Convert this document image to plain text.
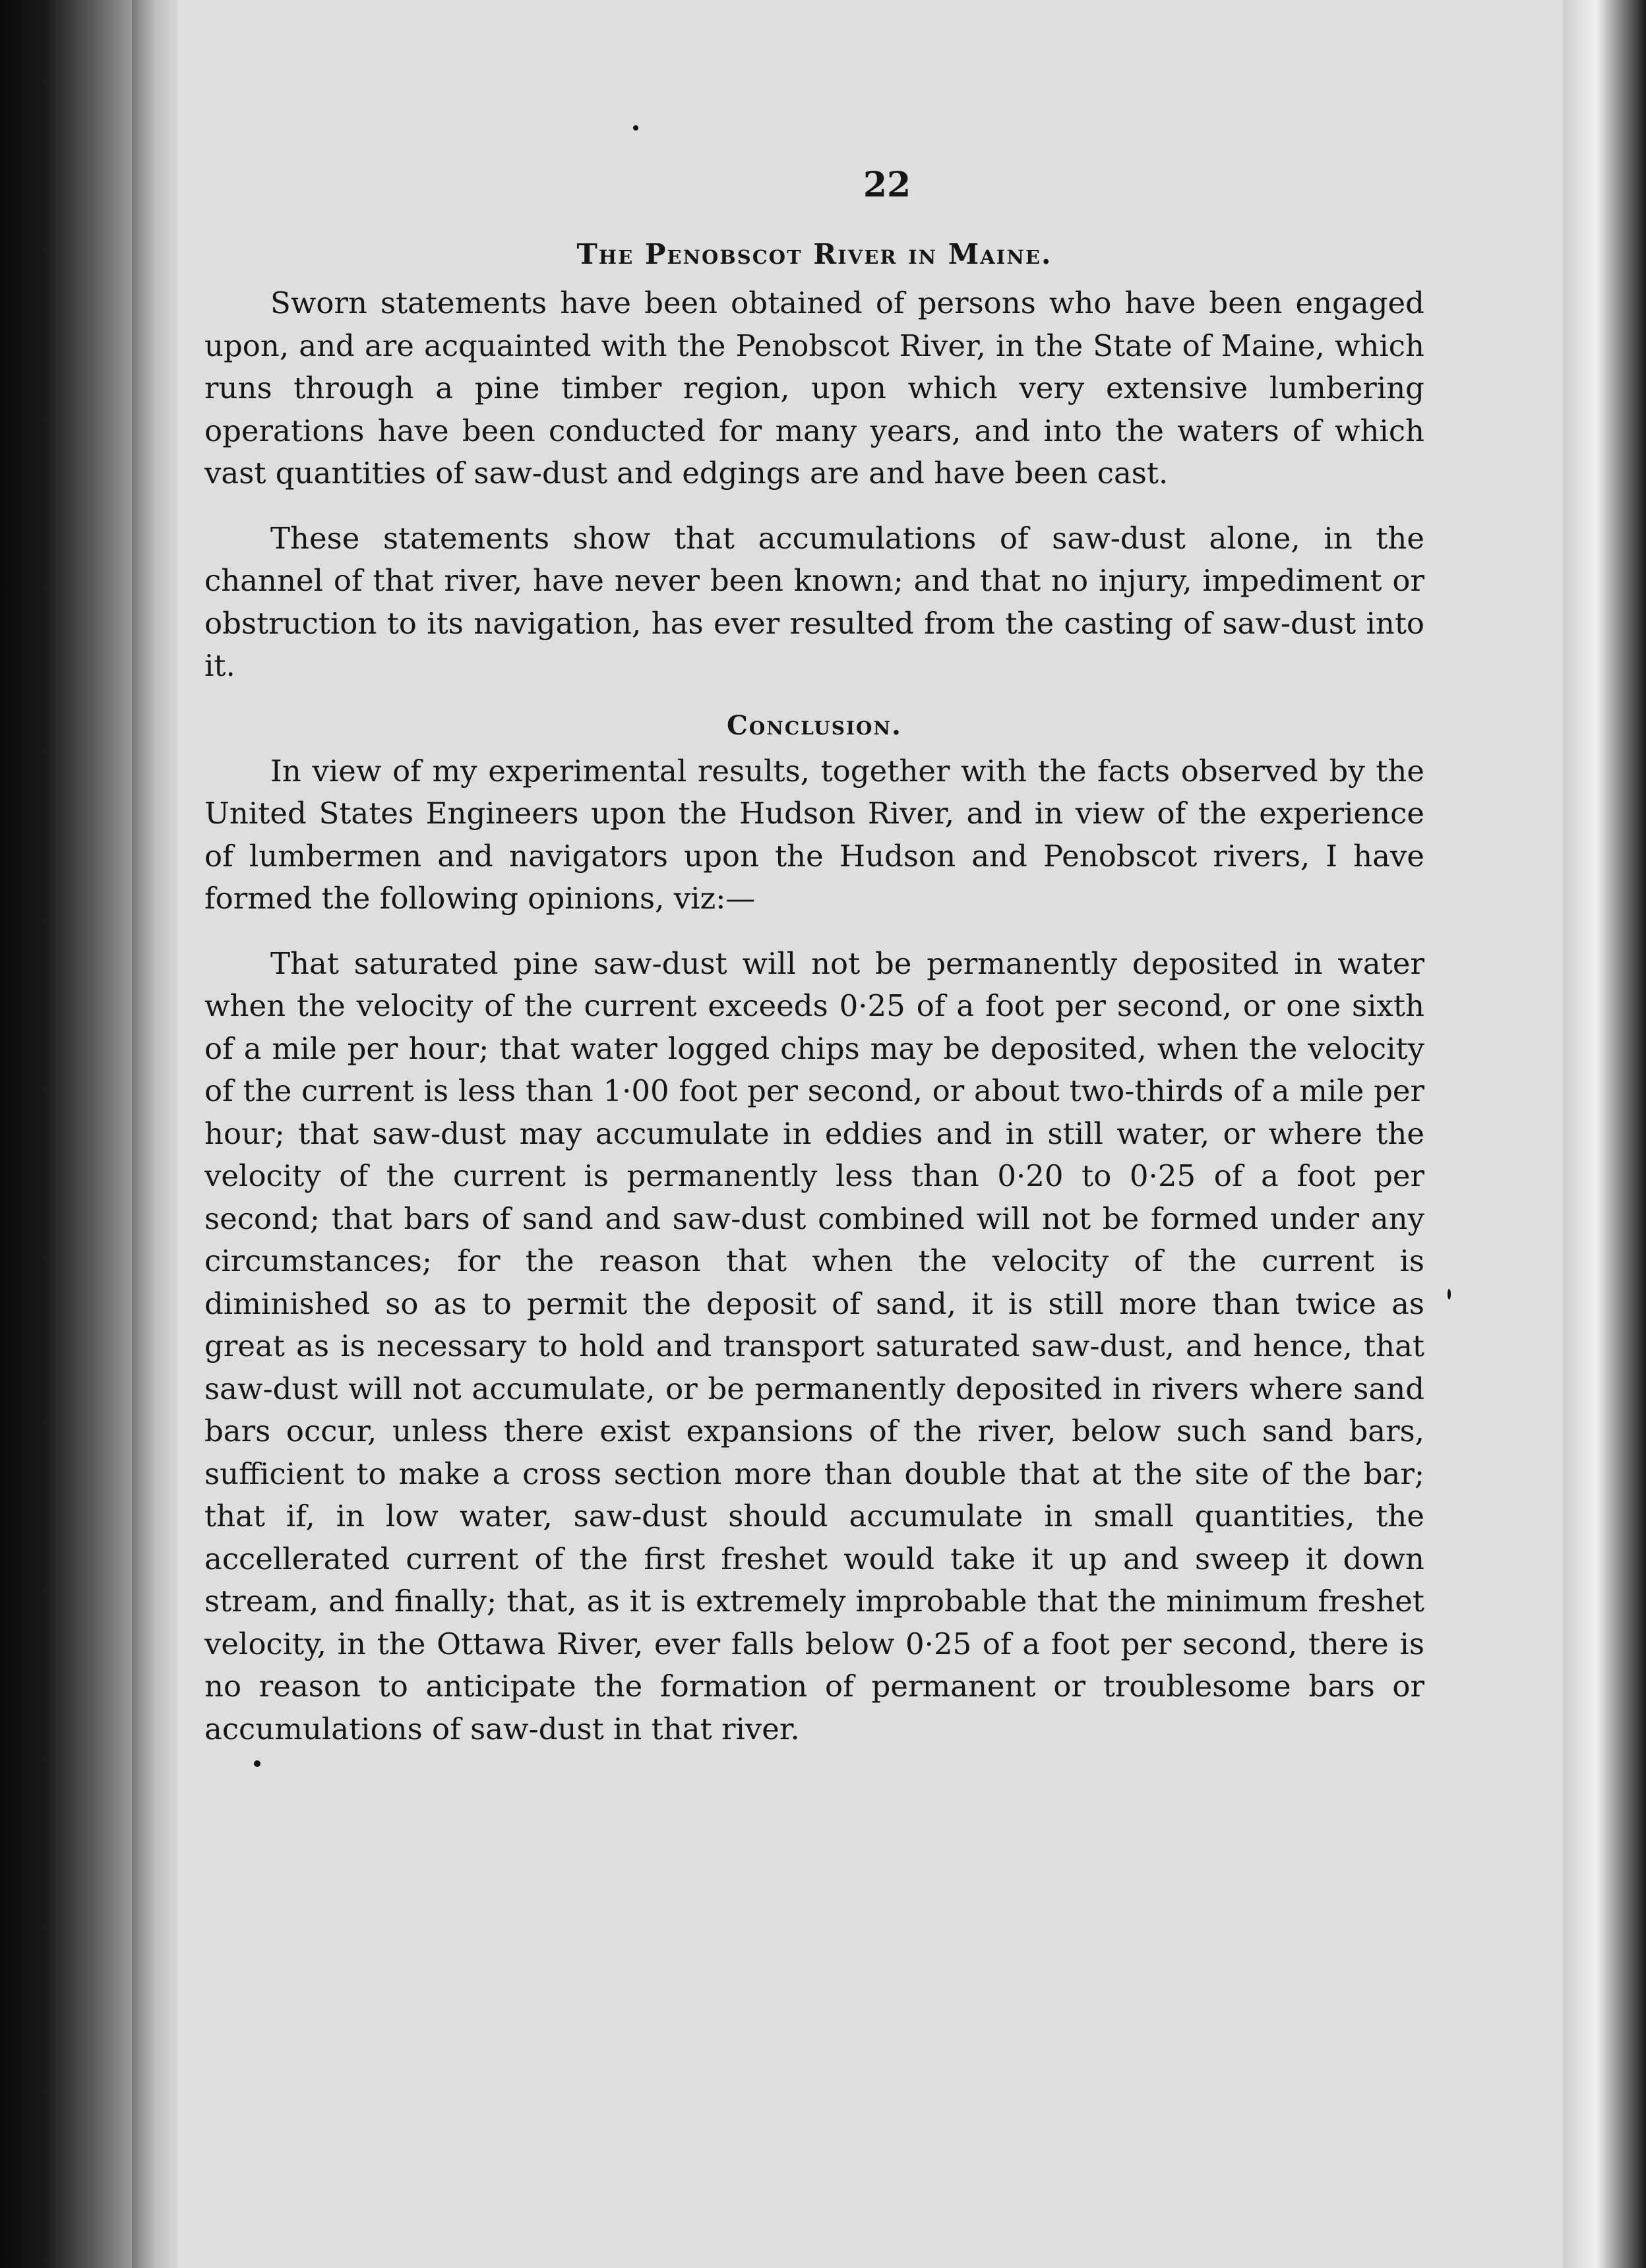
22
The Penobscot River in Maine.

Sworn statements have been obtained of persons who have been engaged upon, and are acquainted with the Penobscot River, in the State of Maine, which runs through a pine timber region, upon which very extensive lumbering operations have been conducted for many years, and into the waters of which vast quantities of saw-dust and edgings are and have been cast.

These statements show that accumulations of saw-dust alone, in the channel of that river, have never been known; and that no injury, impediment or obstruction to its navigation, has ever resulted from the casting of saw-dust into it.

Conclusion.

In view of my experimental results, together with the facts observed by the United States Engineers upon the Hudson River, and in view of the experience of lumbermen and navigators upon the Hudson and Penobscot rivers, I have formed the following opinions, viz:—

That saturated pine saw-dust will not be permanently deposited in water when the velocity of the current exceeds 0·25 of a foot per second, or one sixth of a mile per hour; that water logged chips may be deposited, when the velocity of the current is less than 1·00 foot per second, or about two-thirds of a mile per hour; that saw-dust may accumulate in eddies and in still water, or where the velocity of the current is permanently less than 0·20 to 0·25 of a foot per second; that bars of sand and saw-dust combined will not be formed under any circumstances; for the reason that when the velocity of the current is diminished so as to permit the deposit of sand, it is still more than twice as great as is necessary to hold and transport saturated saw-dust, and hence, that saw-dust will not accumulate, or be permanently deposited in rivers where sand bars occur, unless there exist expansions of the river, below such sand bars, sufficient to make a cross section more than double that at the site of the bar; that if, in low water, saw-dust should accumulate in small quantities, the accellerated current of the first freshet would take it up and sweep it down stream, and finally; that, as it is extremely improbable that the minimum freshet velocity, in the Ottawa River, ever falls below 0·25 of a foot per second, there is no reason to anticipate the formation of permanent or troublesome bars or accumulations of saw-dust in that river.
